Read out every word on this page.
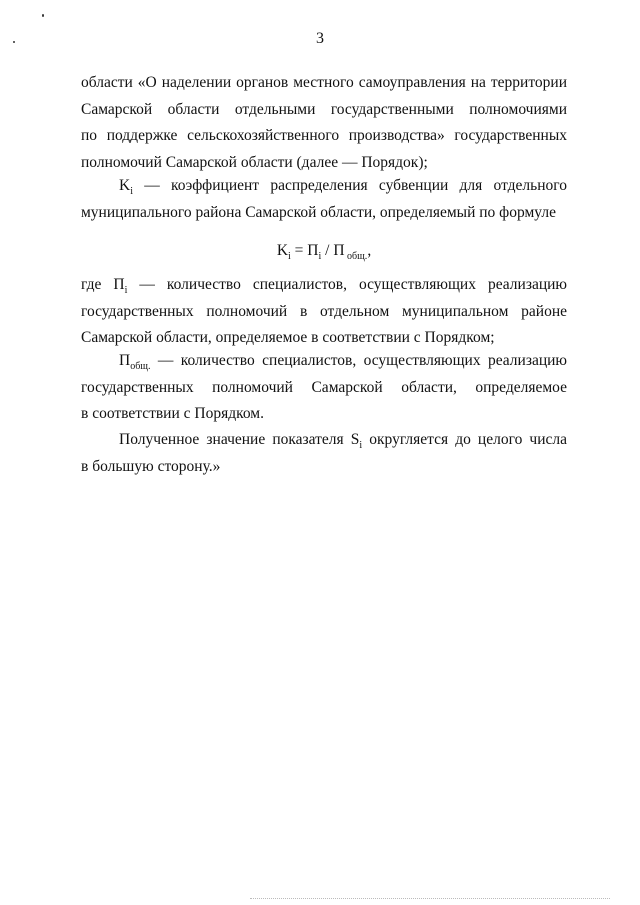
3

области «О наделении органов местного самоуправления на территории

Самарской области отдельными государственными полномочиями

по поддержке сельскохозяйственного производства» государственных

полномочий Самарской области (далее — Порядок);

$K_i$ — коэффициент распределения субвенции для отдельного

муниципального района Самарской области, определяемый по формуле

$K_i = П_i / П$ $_{общ.}$,

где $П_i$ — количество специалистов, осуществляющих реализацию

государственных полномочий в отдельном муниципальном районе

Самарской области, определяемое в соответствии с Порядком;

$П_{общ.}$ — количество специалистов, осуществляющих реализацию

государственных полномочий Самарской области, определяемое

в соответствии с Порядком.

Полученное значение показателя $S_i$ округляется до целого числа

в большую сторону.»
